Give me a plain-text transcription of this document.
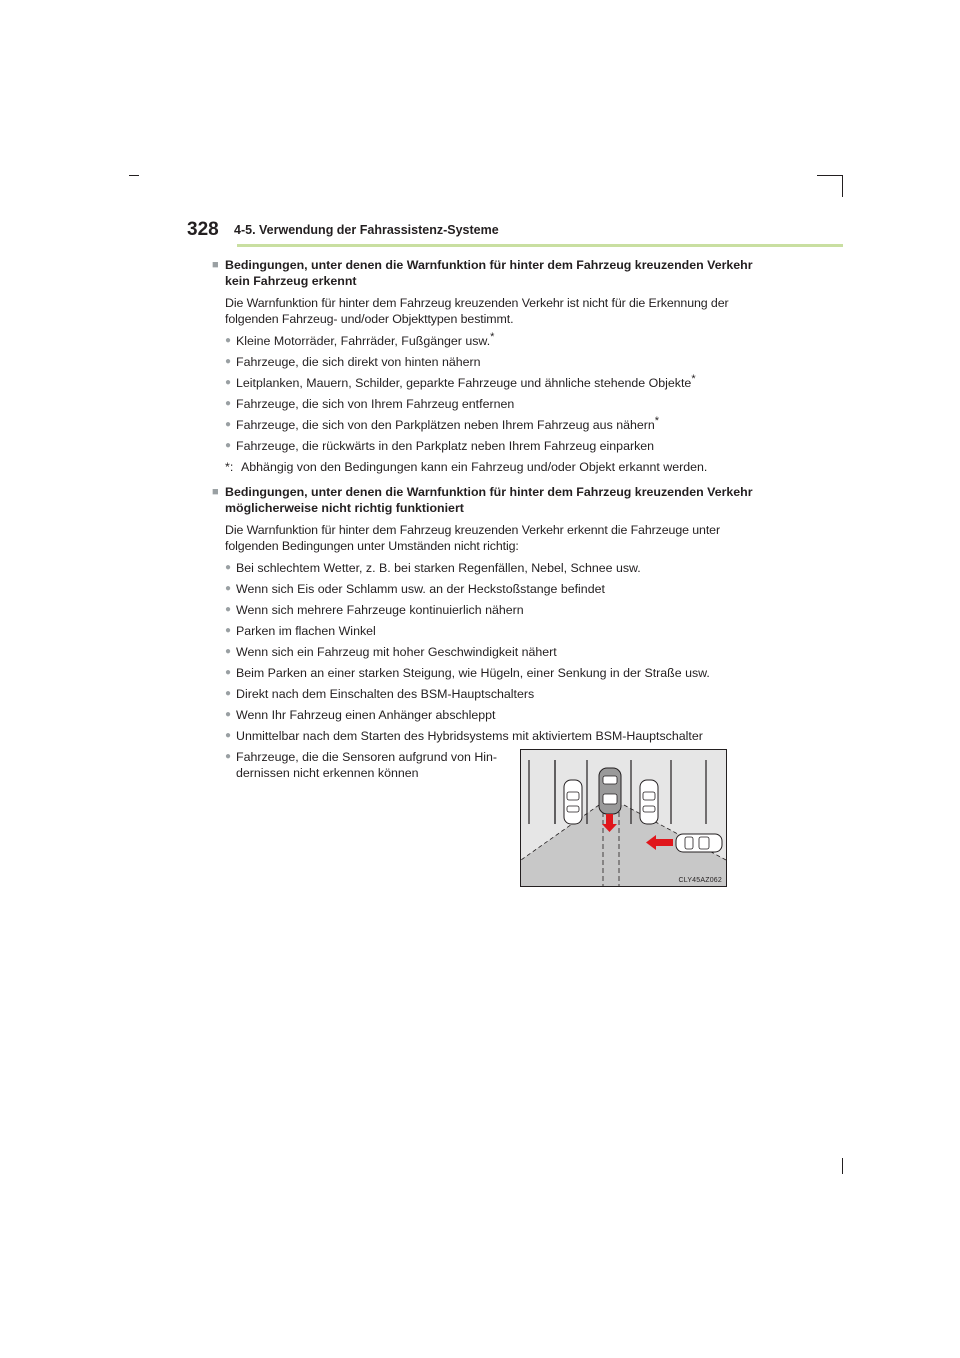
328 4-5. Verwendung der Fahrassistenz-Systeme
■ Bedingungen, unter denen die Warnfunktion für hinter dem Fahrzeug kreuzenden Verkehr kein Fahrzeug erkennt
Die Warnfunktion für hinter dem Fahrzeug kreuzenden Verkehr ist nicht für die Erkennung der folgenden Fahrzeug- und/oder Objekttypen bestimmt.
● Kleine Motorräder, Fahrräder, Fußgänger usw.*
● Fahrzeuge, die sich direkt von hinten nähern
● Leitplanken, Mauern, Schilder, geparkte Fahrzeuge und ähnliche stehende Objekte*
● Fahrzeuge, die sich von Ihrem Fahrzeug entfernen
● Fahrzeuge, die sich von den Parkplätzen neben Ihrem Fahrzeug aus nähern*
● Fahrzeuge, die rückwärts in den Parkplatz neben Ihrem Fahrzeug einparken
*: Abhängig von den Bedingungen kann ein Fahrzeug und/oder Objekt erkannt werden.
■ Bedingungen, unter denen die Warnfunktion für hinter dem Fahrzeug kreuzenden Verkehr möglicherweise nicht richtig funktioniert
Die Warnfunktion für hinter dem Fahrzeug kreuzenden Verkehr erkennt die Fahrzeuge unter folgenden Bedingungen unter Umständen nicht richtig:
● Bei schlechtem Wetter, z. B. bei starken Regenfällen, Nebel, Schnee usw.
● Wenn sich Eis oder Schlamm usw. an der Heckstoßstange befindet
● Wenn sich mehrere Fahrzeuge kontinuierlich nähern
● Parken im flachen Winkel
● Wenn sich ein Fahrzeug mit hoher Geschwindigkeit nähert
● Beim Parken an einer starken Steigung, wie Hügeln, einer Senkung in der Straße usw.
● Direkt nach dem Einschalten des BSM-Hauptschalters
● Wenn Ihr Fahrzeug einen Anhänger abschleppt
● Unmittelbar nach dem Starten des Hybridsystems mit aktiviertem BSM-Hauptschalter
● Fahrzeuge, die die Sensoren aufgrund von Hin-
dernissen nicht erkennen können
CLY45AZ062
